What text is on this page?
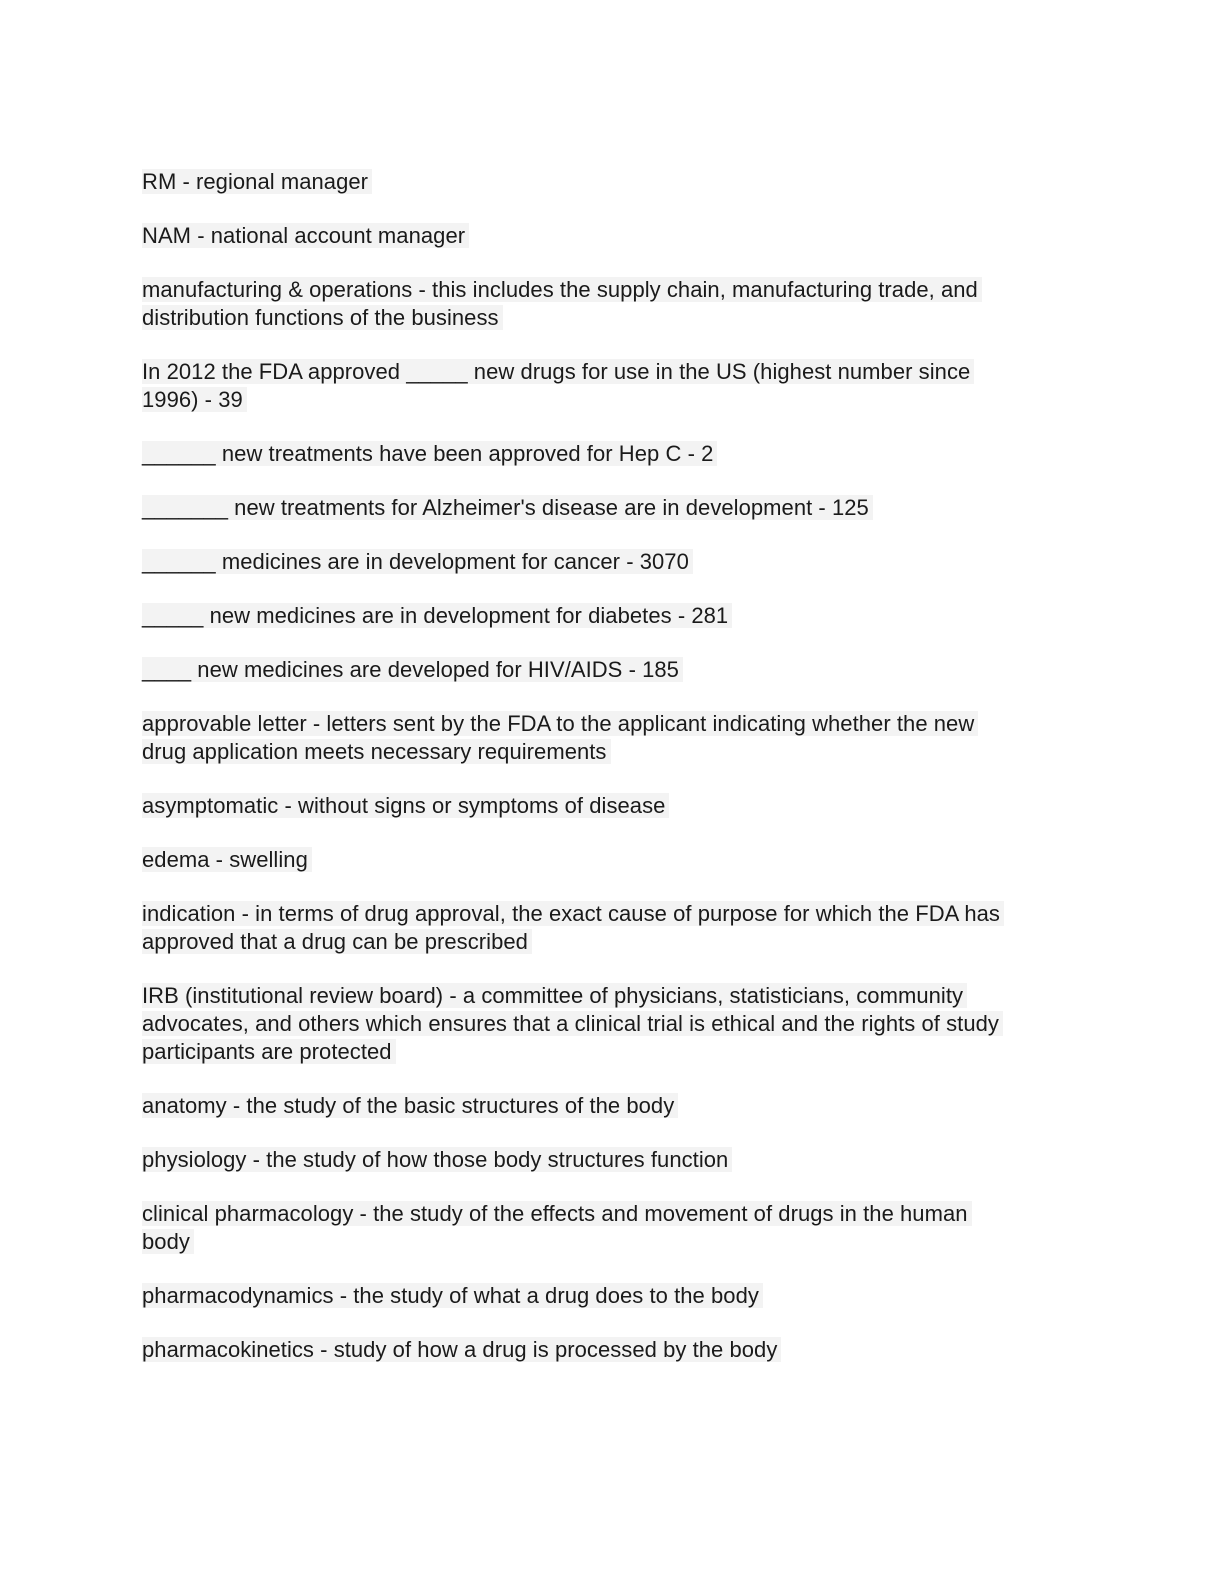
RM - regional manager
NAM - national account manager
manufacturing & operations - this includes the supply chain, manufacturing trade, and
distribution functions of the business
In 2012 the FDA approved _____ new drugs for use in the US (highest number since
1996) - 39
______ new treatments have been approved for Hep C - 2
_______ new treatments for Alzheimer's disease are in development - 125
______ medicines are in development for cancer - 3070
_____ new medicines are in development for diabetes - 281
____ new medicines are developed for HIV/AIDS - 185
approvable letter - letters sent by the FDA to the applicant indicating whether the new
drug application meets necessary requirements
asymptomatic - without signs or symptoms of disease
edema - swelling
indication - in terms of drug approval, the exact cause of purpose for which the FDA has
approved that a drug can be prescribed
IRB (institutional review board) - a committee of physicians, statisticians, community
advocates, and others which ensures that a clinical trial is ethical and the rights of study
participants are protected
anatomy - the study of the basic structures of the body
physiology - the study of how those body structures function
clinical pharmacology - the study of the effects and movement of drugs in the human
body
pharmacodynamics - the study of what a drug does to the body
pharmacokinetics - study of how a drug is processed by the body
